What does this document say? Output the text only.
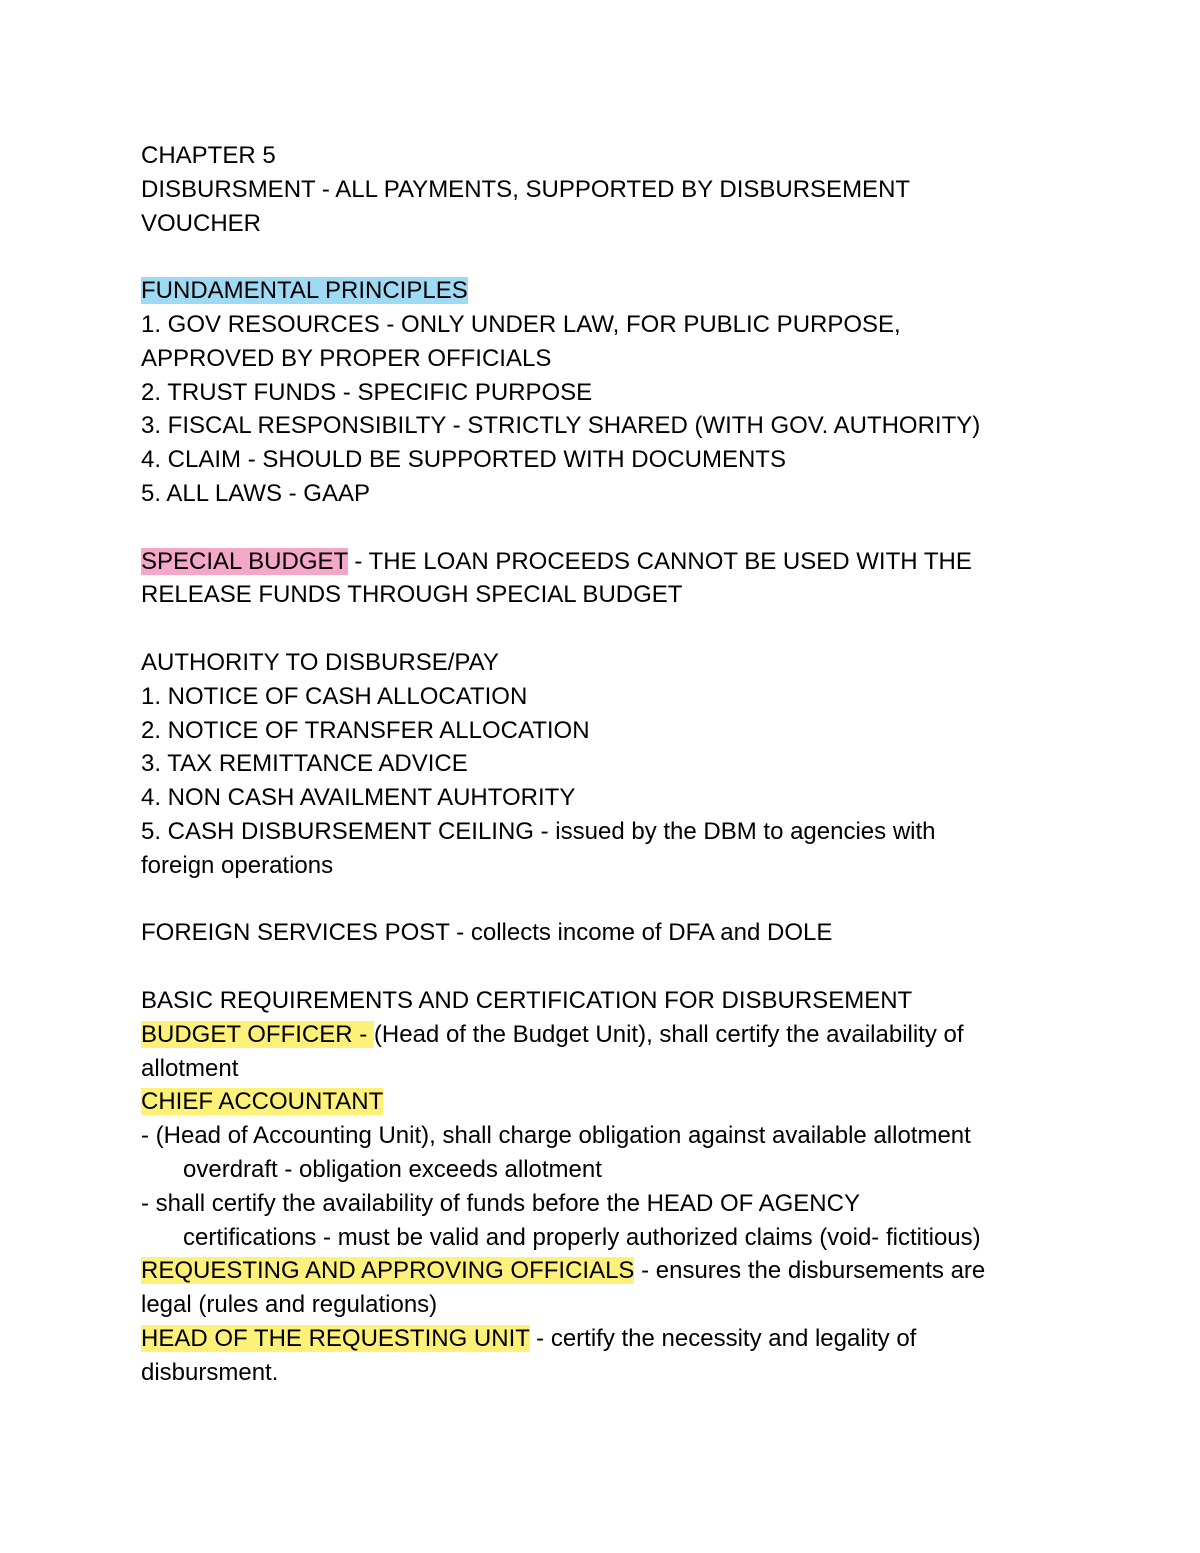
CHAPTER 5
DISBURSMENT - ALL PAYMENTS, SUPPORTED BY DISBURSEMENT
VOUCHER
FUNDAMENTAL PRINCIPLES
1. GOV RESOURCES - ONLY UNDER LAW, FOR PUBLIC PURPOSE,
APPROVED BY PROPER OFFICIALS
2. TRUST FUNDS - SPECIFIC PURPOSE
3. FISCAL RESPONSIBILTY - STRICTLY SHARED (WITH GOV. AUTHORITY)
4. CLAIM - SHOULD BE SUPPORTED WITH DOCUMENTS
5. ALL LAWS - GAAP
SPECIAL BUDGET - THE LOAN PROCEEDS CANNOT BE USED WITH THE
RELEASE FUNDS THROUGH SPECIAL BUDGET
AUTHORITY TO DISBURSE/PAY
1. NOTICE OF CASH ALLOCATION
2. NOTICE OF TRANSFER ALLOCATION
3. TAX REMITTANCE ADVICE
4. NON CASH AVAILMENT AUHTORITY
5. CASH DISBURSEMENT CEILING - issued by the DBM to agencies with
foreign operations
FOREIGN SERVICES POST - collects income of DFA and DOLE
BASIC REQUIREMENTS AND CERTIFICATION FOR DISBURSEMENT
BUDGET OFFICER - (Head of the Budget Unit), shall certify the availability of
allotment
CHIEF ACCOUNTANT
- (Head of Accounting Unit), shall charge obligation against available allotment
overdraft - obligation exceeds allotment
- shall certify the availability of funds before the HEAD OF AGENCY
certifications - must be valid and properly authorized claims (void- fictitious)
REQUESTING AND APPROVING OFFICIALS - ensures the disbursements are
legal (rules and regulations)
HEAD OF THE REQUESTING UNIT - certify the necessity and legality of
disbursment.
